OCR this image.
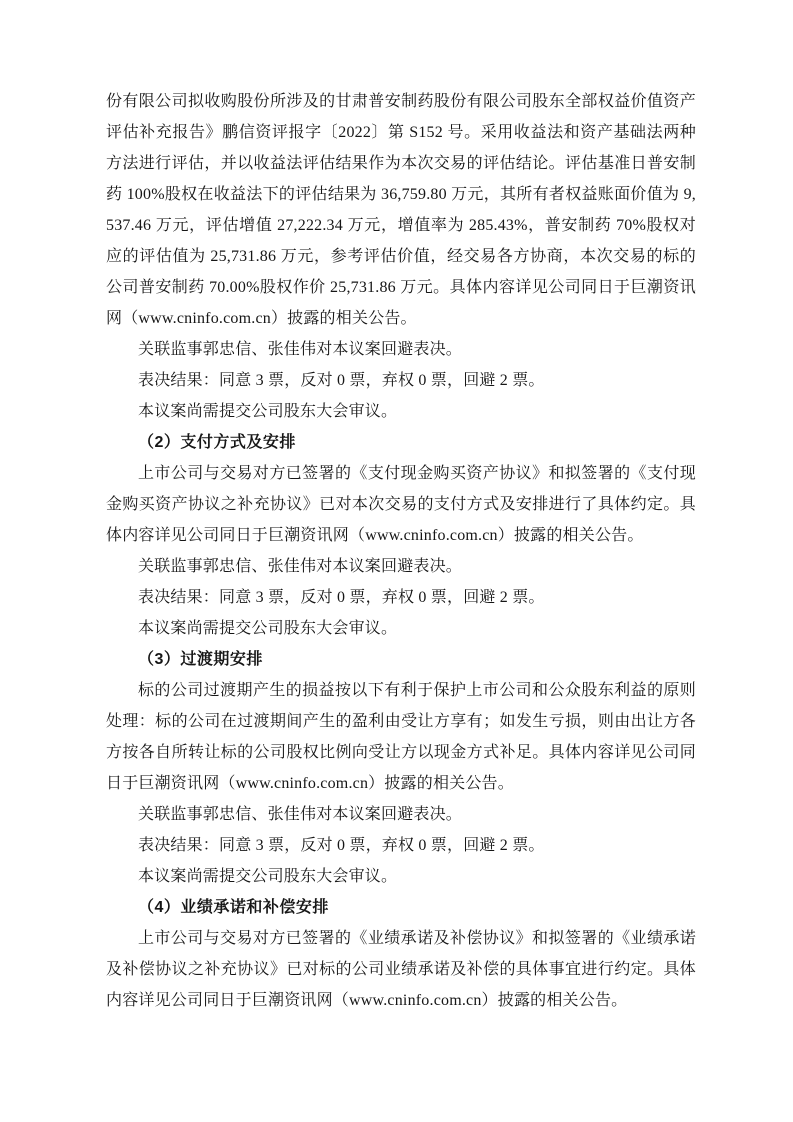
份有限公司拟收购股份所涉及的甘肃普安制药股份有限公司股东全部权益价值资产评估补充报告》鹏信资评报字〔2022〕第 S152 号。采用收益法和资产基础法两种方法进行评估，并以收益法评估结果作为本次交易的评估结论。评估基准日普安制药 100%股权在收益法下的评估结果为 36,759.80 万元，其所有者权益账面价值为 9,537.46 万元，评估增值 27,222.34 万元，增值率为 285.43%，普安制药 70%股权对应的评估值为 25,731.86 万元，参考评估价值，经交易各方协商，本次交易的标的公司普安制药 70.00%股权作价 25,731.86 万元。具体内容详见公司同日于巨潮资讯网（www.cninfo.com.cn）披露的相关公告。

关联监事郭忠信、张佳伟对本议案回避表决。

表决结果：同意 3 票，反对 0 票，弃权 0 票，回避 2 票。

本议案尚需提交公司股东大会审议。

（2）支付方式及安排

上市公司与交易对方已签署的《支付现金购买资产协议》和拟签署的《支付现金购买资产协议之补充协议》已对本次交易的支付方式及安排进行了具体约定。具体内容详见公司同日于巨潮资讯网（www.cninfo.com.cn）披露的相关公告。

关联监事郭忠信、张佳伟对本议案回避表决。

表决结果：同意 3 票，反对 0 票，弃权 0 票，回避 2 票。

本议案尚需提交公司股东大会审议。

（3）过渡期安排

标的公司过渡期产生的损益按以下有利于保护上市公司和公众股东利益的原则处理：标的公司在过渡期间产生的盈利由受让方享有；如发生亏损，则由出让方各方按各自所转让标的公司股权比例向受让方以现金方式补足。具体内容详见公司同日于巨潮资讯网（www.cninfo.com.cn）披露的相关公告。

关联监事郭忠信、张佳伟对本议案回避表决。

表决结果：同意 3 票，反对 0 票，弃权 0 票，回避 2 票。

本议案尚需提交公司股东大会审议。

（4）业绩承诺和补偿安排

上市公司与交易对方已签署的《业绩承诺及补偿协议》和拟签署的《业绩承诺及补偿协议之补充协议》已对标的公司业绩承诺及补偿的具体事宜进行约定。具体内容详见公司同日于巨潮资讯网（www.cninfo.com.cn）披露的相关公告。
